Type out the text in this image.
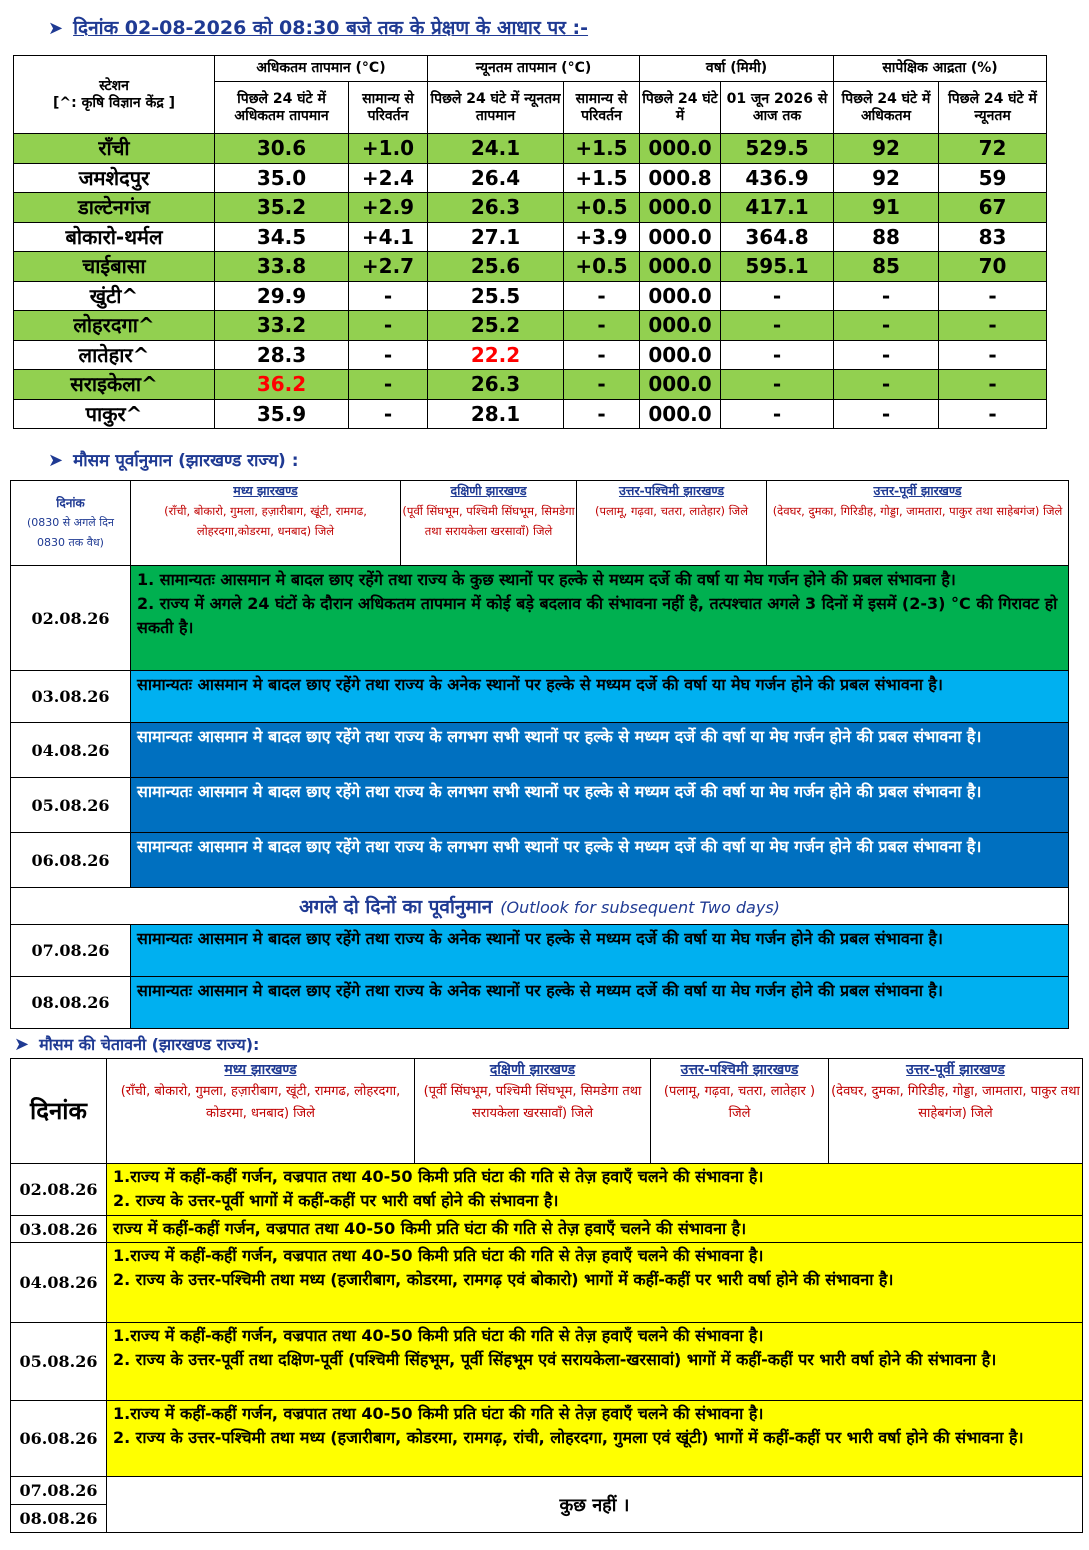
➤ दिनांक 02-08-2026 को 08:30 बजे तक के प्रेक्षण के आधार पर :-
स्टेशन
[^: कृषि विज्ञान केंद्र ]	अधिकतम तापमान (°C)		न्यूनतम तापमान (°C)		वर्षा (मिमी)		सापेक्षिक आद्रता (%)	
	पिछले 24 घंटे में अधिकतम तापमान	सामान्य से परिवर्तन	पिछले 24 घंटे में न्यूनतम तापमान	सामान्य से परिवर्तन	पिछले 24 घंटे में	01 जून 2026 से आज तक	पिछले 24 घंटे में अधिकतम	पिछले 24 घंटे में न्यूनतम
राँची	30.6	+1.0	24.1	+1.5	000.0	529.5	92	72
जमशेदपुर	35.0	+2.4	26.4	+1.5	000.8	436.9	92	59
डाल्टेनगंज	35.2	+2.9	26.3	+0.5	000.0	417.1	91	67
बोकारो-थर्मल	34.5	+4.1	27.1	+3.9	000.0	364.8	88	83
चाईबासा	33.8	+2.7	25.6	+0.5	000.0	595.1	85	70
खुंटी^	29.9	-	25.5	-	000.0	-	-	-
लोहरदगा^	33.2	-	25.2	-	000.0	-	-	-
लातेहार^	28.3	-	22.2	-	000.0	-	-	-
सराइकेला^	36.2	-	26.3	-	000.0	-	-	-
पाकुर^	35.9	-	28.1	-	000.0	-	-	-
➤ मौसम पूर्वानुमान (झारखण्ड राज्य) :
दिनांक
(0830 से अगले दिन
0830 तक वैध)	मध्य झारखण्ड
(राँची, बोकारो, गुमला, हज़ारीबाग, खूंटी, रामगढ, लोहरदगा,कोडरमा, धनबाद) जिले	दक्षिणी झारखण्ड
(पूर्वी सिंघभूम, पश्चिमी सिंघभूम, सिमडेगा तथा सरायकेला खरसावाँ) जिले	उत्तर-पश्चिमी झारखण्ड
(पलामू, गढ़वा, चतरा, लातेहार) जिले	उत्तर-पूर्वी झारखण्ड
(देवघर, दुमका, गिरिडीह, गोड्डा, जामतारा, पाकुर तथा साहेबगंज) जिले
02.08.26	1. सामान्यतः आसमान मे बादल छाए रहेंगे तथा राज्य के कुछ स्थानों पर हल्के से मध्यम दर्जे की वर्षा या मेघ गर्जन होने की प्रबल संभावना है।
2. राज्य में अगले 24 घंटों के दौरान अधिकतम तापमान में कोई बड़े बदलाव की संभावना नहीं है, तत्पश्चात अगले 3 दिनों में इसमें (2-3) °C की गिरावट हो सकती है।			

03.08.26	सामान्यतः आसमान मे बादल छाए रहेंगे तथा राज्य के अनेक स्थानों पर हल्के से मध्यम दर्जे की वर्षा या मेघ गर्जन होने की प्रबल संभावना है।			

04.08.26	सामान्यतः आसमान मे बादल छाए रहेंगे तथा राज्य के लगभग सभी स्थानों पर हल्के से मध्यम दर्जे की वर्षा या मेघ गर्जन होने की प्रबल संभावना है।			

05.08.26	सामान्यतः आसमान मे बादल छाए रहेंगे तथा राज्य के लगभग सभी स्थानों पर हल्के से मध्यम दर्जे की वर्षा या मेघ गर्जन होने की प्रबल संभावना है।			

06.08.26	सामान्यतः आसमान मे बादल छाए रहेंगे तथा राज्य के लगभग सभी स्थानों पर हल्के से मध्यम दर्जे की वर्षा या मेघ गर्जन होने की प्रबल संभावना है।			

अगले दो दिनों का पूर्वानुमान (Outlook for subsequent Two days)				
07.08.26	सामान्यतः आसमान मे बादल छाए रहेंगे तथा राज्य के अनेक स्थानों पर हल्के से मध्यम दर्जे की वर्षा या मेघ गर्जन होने की प्रबल संभावना है।			

08.08.26	सामान्यतः आसमान मे बादल छाए रहेंगे तथा राज्य के अनेक स्थानों पर हल्के से मध्यम दर्जे की वर्षा या मेघ गर्जन होने की प्रबल संभावना है।			
➤ मौसम की चेतावनी (झारखण्ड राज्य):
दिनांक	मध्य झारखण्ड
(राँची, बोकारो, गुमला, हज़ारीबाग, खूंटी, रामगढ, लोहरदगा, कोडरमा, धनबाद) जिले	दक्षिणी झारखण्ड
(पूर्वी सिंघभूम, पश्चिमी सिंघभूम, सिमडेगा तथा सरायकेला खरसावाँ) जिले	उत्तर-पश्चिमी झारखण्ड
(पलामू, गढ़वा, चतरा, लातेहार ) जिले	उत्तर-पूर्वी झारखण्ड
(देवघर, दुमका, गिरिडीह, गोड्डा, जामतारा, पाकुर तथा साहेबगंज) जिले
02.08.26	1.राज्य में कहीं-कहीं गर्जन, वज्रपात तथा 40-50 किमी प्रति घंटा की गति से तेज़ हवाएँ चलने की संभावना है।
2. राज्य के उत्तर-पूर्वी भागों में कहीं-कहीं पर भारी वर्षा होने की संभावना है।			

03.08.26	राज्य में कहीं-कहीं गर्जन, वज्रपात तथा 40-50 किमी प्रति घंटा की गति से तेज़ हवाएँ चलने की संभावना है।			

04.08.26	1.राज्य में कहीं-कहीं गर्जन, वज्रपात तथा 40-50 किमी प्रति घंटा की गति से तेज़ हवाएँ चलने की संभावना है।
2. राज्य के उत्तर-पश्चिमी तथा मध्य (हजारीबाग, कोडरमा, रामगढ़ एवं बोकारो) भागों में कहीं-कहीं पर भारी वर्षा होने की संभावना है।			

05.08.26	1.राज्य में कहीं-कहीं गर्जन, वज्रपात तथा 40-50 किमी प्रति घंटा की गति से तेज़ हवाएँ चलने की संभावना है।
2. राज्य के उत्तर-पूर्वी तथा दक्षिण-पूर्वी (पश्चिमी सिंहभूम, पूर्वी सिंहभूम एवं सरायकेला-खरसावां) भागों में कहीं-कहीं पर भारी वर्षा होने की संभावना है।			

06.08.26	1.राज्य में कहीं-कहीं गर्जन, वज्रपात तथा 40-50 किमी प्रति घंटा की गति से तेज़ हवाएँ चलने की संभावना है।
2. राज्य के उत्तर-पश्चिमी तथा मध्य (हजारीबाग, कोडरमा, रामगढ़, रांची, लोहरदगा, गुमला एवं खूंटी) भागों में कहीं-कहीं पर भारी वर्षा होने की संभावना है।			

07.08.26	कुछ नहीं ।			
08.08.26				
